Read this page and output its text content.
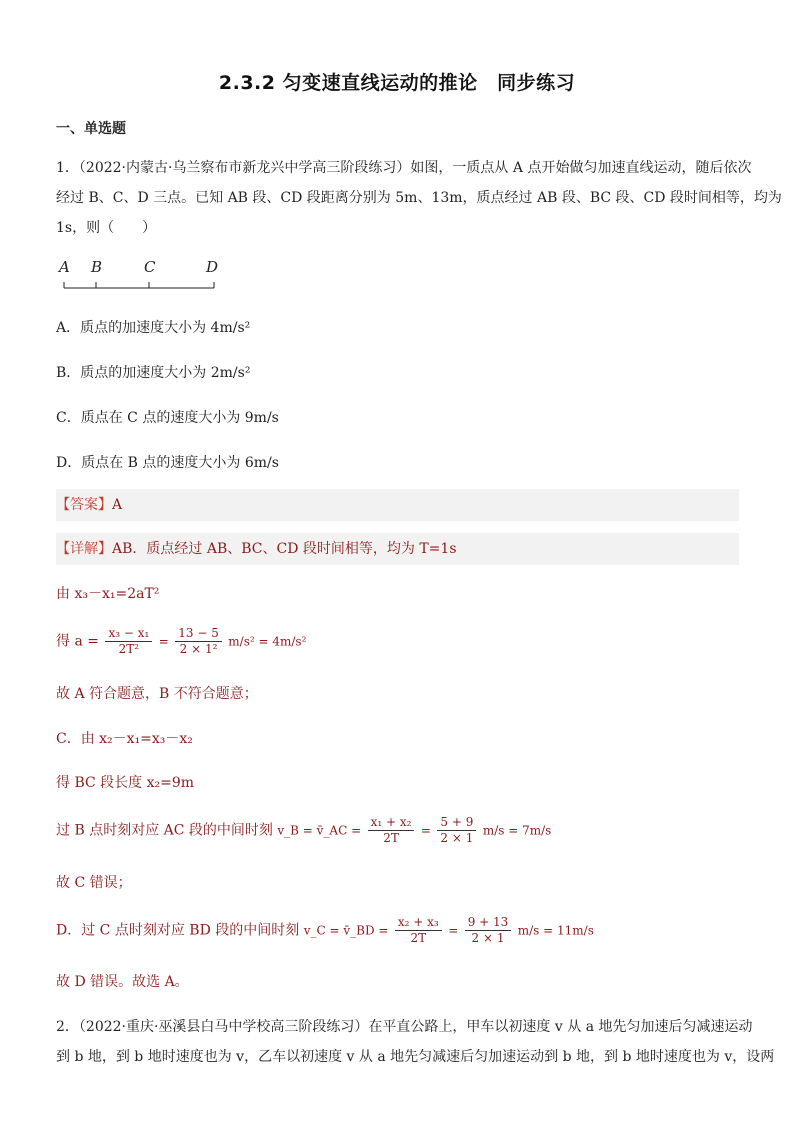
2.3.2 匀变速直线运动的推论　同步练习
一、单选题
1．（2022·内蒙古·乌兰察布市新龙兴中学高三阶段练习）如图，一质点从 A 点开始做匀加速直线运动，随后依次
经过 B、C、D 三点。已知 AB 段、CD 段距离分别为 5m、13m，质点经过 AB 段、BC 段、CD 段时间相等，均为
1s，则（　　）
A B	C	D
A．质点的加速度大小为 4m/s²
B．质点的加速度大小为 2m/s²
C．质点在 C 点的速度大小为 9m/s
D．质点在 B 点的速度大小为 6m/s
【答案】A
【详解】AB．质点经过 AB、BC、CD 段时间相等，均为 T=1s
由 x₃－x₁=2aT²
得 $a = \frac{\text{x₃ − x₁}}{\text{2T²}} = \frac{13 - 5}{\text{2 × 1²}} m/s^2 = 4m/s^2$
故 A 符合题意，B 不符合题意；
C．由 x₂－x₁=x₃－x₂
得 BC 段长度 x₂=9m
过 B 点时刻对应 AC 段的中间时刻 v_B = v̄_AC = $\frac{\text{x₁ + x₂}}{2T} = \frac{5 + 9}{2 \times 1} m/s = 7m/s$
故 C 错误；
D．过 C 点时刻对应 BD 段的中间时刻 v_C = v̄_BD = $\frac{\text{x₂ + x₃}}{2T} = \frac{9 + 13}{2 \times 1} m/s = 11m/s$
故 D 错误。故选 A。
2．（2022·重庆·巫溪县白马中学校高三阶段练习）在平直公路上，甲车以初速度 v 从 a 地先匀加速后匀减速运动
到 b 地，到 b 地时速度也为 v，乙车以初速度 v 从 a 地先匀减速后匀加速运动到 b 地，到 b 地时速度也为 v，设两
